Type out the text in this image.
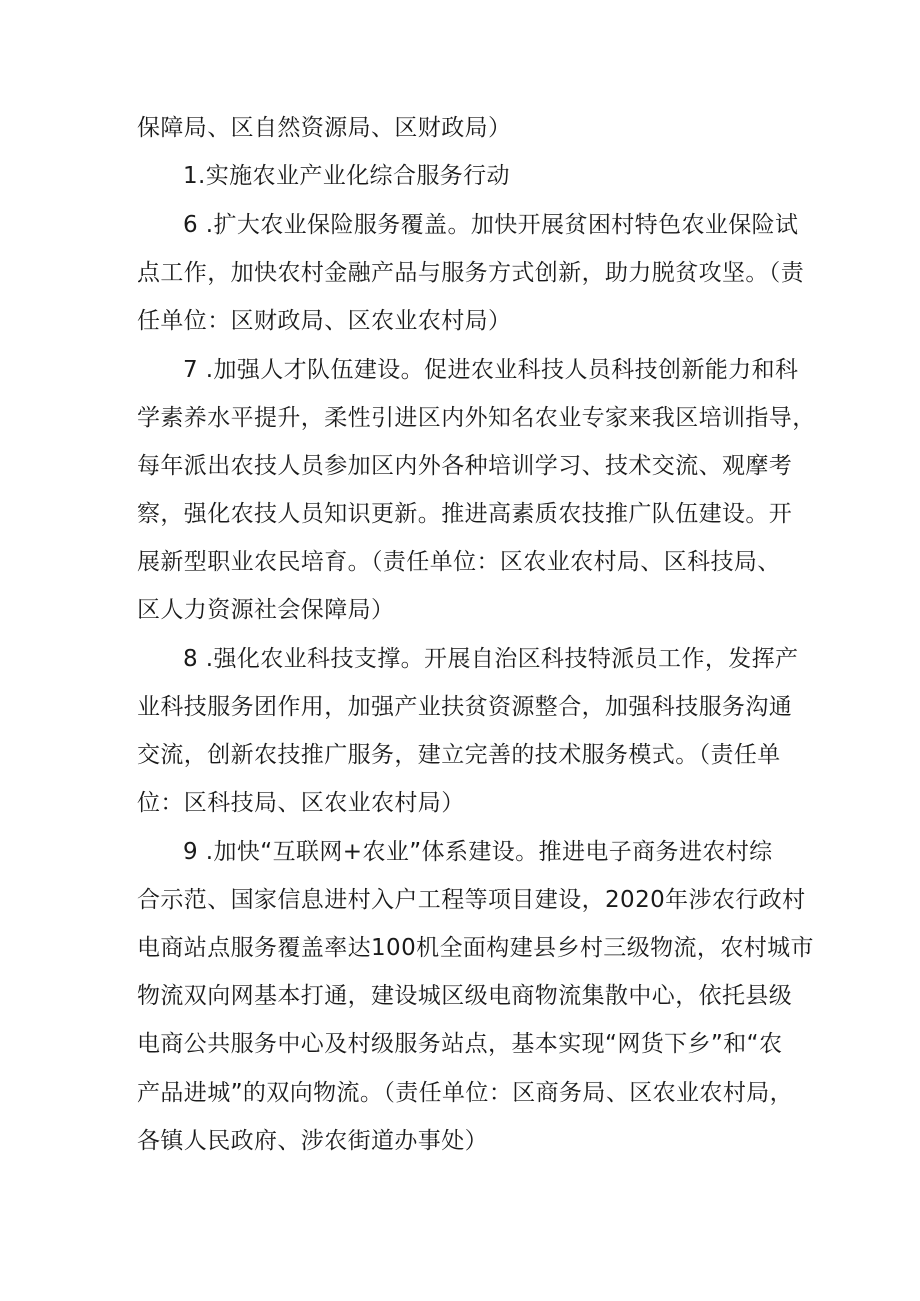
保障局、区自然资源局、区财政局）
1.实施农业产业化综合服务行动
6 .扩大农业保险服务覆盖。加快开展贫困村特色农业保险试
点工作，加快农村金融产品与服务方式创新，助力脱贫攻坚。（责
任单位：区财政局、区农业农村局）
7 .加强人才队伍建设。促进农业科技人员科技创新能力和科
学素养水平提升，柔性引进区内外知名农业专家来我区培训指导，
每年派出农技人员参加区内外各种培训学习、技术交流、观摩考
察，强化农技人员知识更新。推进高素质农技推广队伍建设。开
展新型职业农民培育。（责任单位：区农业农村局、区科技局、
区人力资源社会保障局）
8 .强化农业科技支撑。开展自治区科技特派员工作，发挥产
业科技服务团作用，加强产业扶贫资源整合，加强科技服务沟通
交流，创新农技推广服务，建立完善的技术服务模式。（责任单
位：区科技局、区农业农村局）
9 .加快“互联网+农业”体系建设。推进电子商务进农村综
合示范、国家信息进村入户工程等项目建设，2020年涉农行政村
电商站点服务覆盖率达100机全面构建县乡村三级物流，农村城市
物流双向网基本打通，建设城区级电商物流集散中心，依托县级
电商公共服务中心及村级服务站点，基本实现“网货下乡”和“农
产品进城”的双向物流。（责任单位：区商务局、区农业农村局，
各镇人民政府、涉农街道办事处）
